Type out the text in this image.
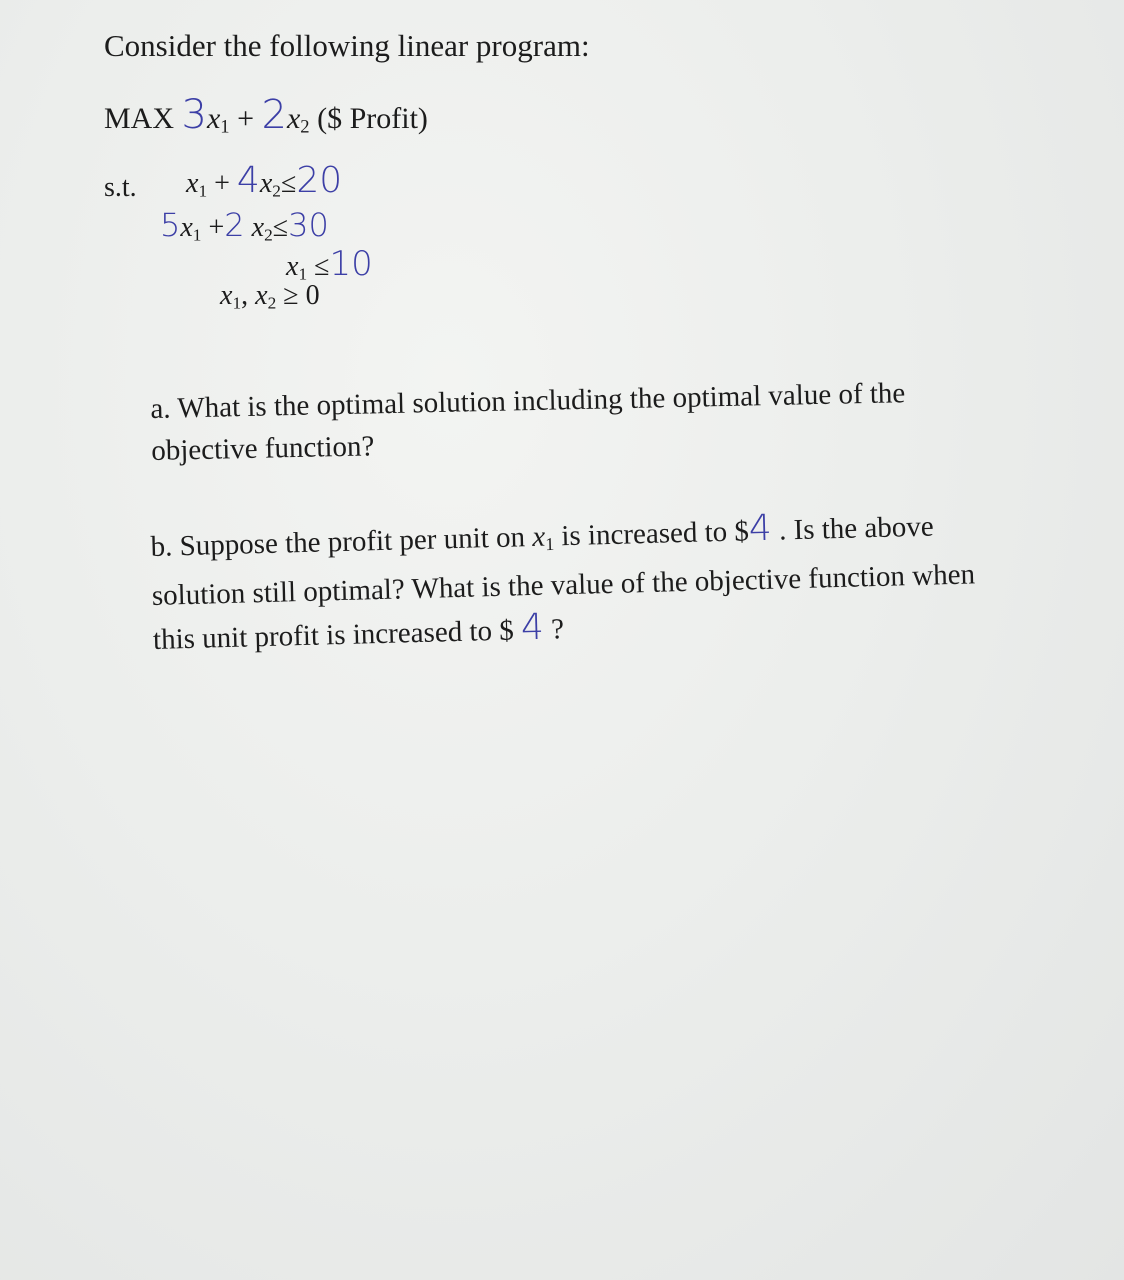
Consider the following linear program:
MAX $3x_1 + 2x_2$ ($ Profit)
s.t. $x_1 + 4x_2\le 20$
$5x_1 +2$ $x_2\le 30$
$x_1 \le 10$
$x_1$, $x_2 \ge 0$
a. What is the optimal solution including the optimal value of the objective function?
b. Suppose the profit per unit on $x_1$ is increased to $4 . Is the above solution still optimal? What is the value of the objective function when this unit profit is increased to $ 4 ?
